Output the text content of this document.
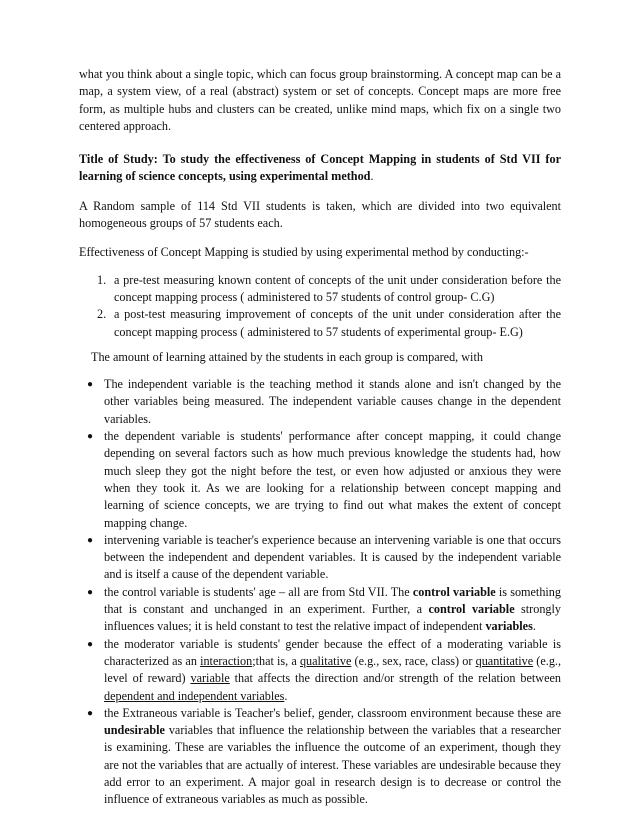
what you think about a single topic, which can focus group brainstorming. A concept map can be a map, a system view, of a real (abstract) system or set of concepts. Concept maps are more free form, as multiple hubs and clusters can be created, unlike mind maps, which fix on a single two centered approach.

Title of Study: To study the effectiveness of Concept Mapping in students of Std VII for learning of science concepts, using experimental method.

A Random sample of 114 Std VII students is taken, which are divided into two equivalent homogeneous groups of 57 students each.

Effectiveness of Concept Mapping is studied by using experimental method by conducting:-

1. a pre-test measuring known content of concepts of the unit under consideration before the concept mapping process ( administered to 57 students of control group- C.G)
2. a post-test measuring improvement of concepts of the unit under consideration after the concept mapping process ( administered to 57 students of experimental group- E.G)

The amount of learning attained by the students in each group is compared, with

● The independent variable is the teaching method it stands alone and isn't changed by the other variables being measured. The independent variable causes change in the dependent variables.
● the dependent variable is students' performance after concept mapping, it could change depending on several factors such as how much previous knowledge the students had, how much sleep they got the night before the test, or even how adjusted or anxious they were when they took it. As we are looking for a relationship between concept mapping and learning of science concepts, we are trying to find out what makes the extent of concept mapping change.
● intervening variable is teacher's experience because an intervening variable is one that occurs between the independent and dependent variables. It is caused by the independent variable and is itself a cause of the dependent variable.
● the control variable is students' age – all are from Std VII. The control variable is something that is constant and unchanged in an experiment. Further, a control variable strongly influences values; it is held constant to test the relative impact of independent variables.
● the moderator variable is students' gender because the effect of a moderating variable is characterized as an interaction;that is, a qualitative (e.g., sex, race, class) or quantitative (e.g., level of reward) variable that affects the direction and/or strength of the relation between dependent and independent variables.
● the Extraneous variable is Teacher's belief, gender, classroom environment because these are undesirable variables that influence the relationship between the variables that a researcher is examining. These are variables the influence the outcome of an experiment, though they are not the variables that are actually of interest. These variables are undesirable because they add error to an experiment. A major goal in research design is to decrease or control the influence of extraneous variables as much as possible.
